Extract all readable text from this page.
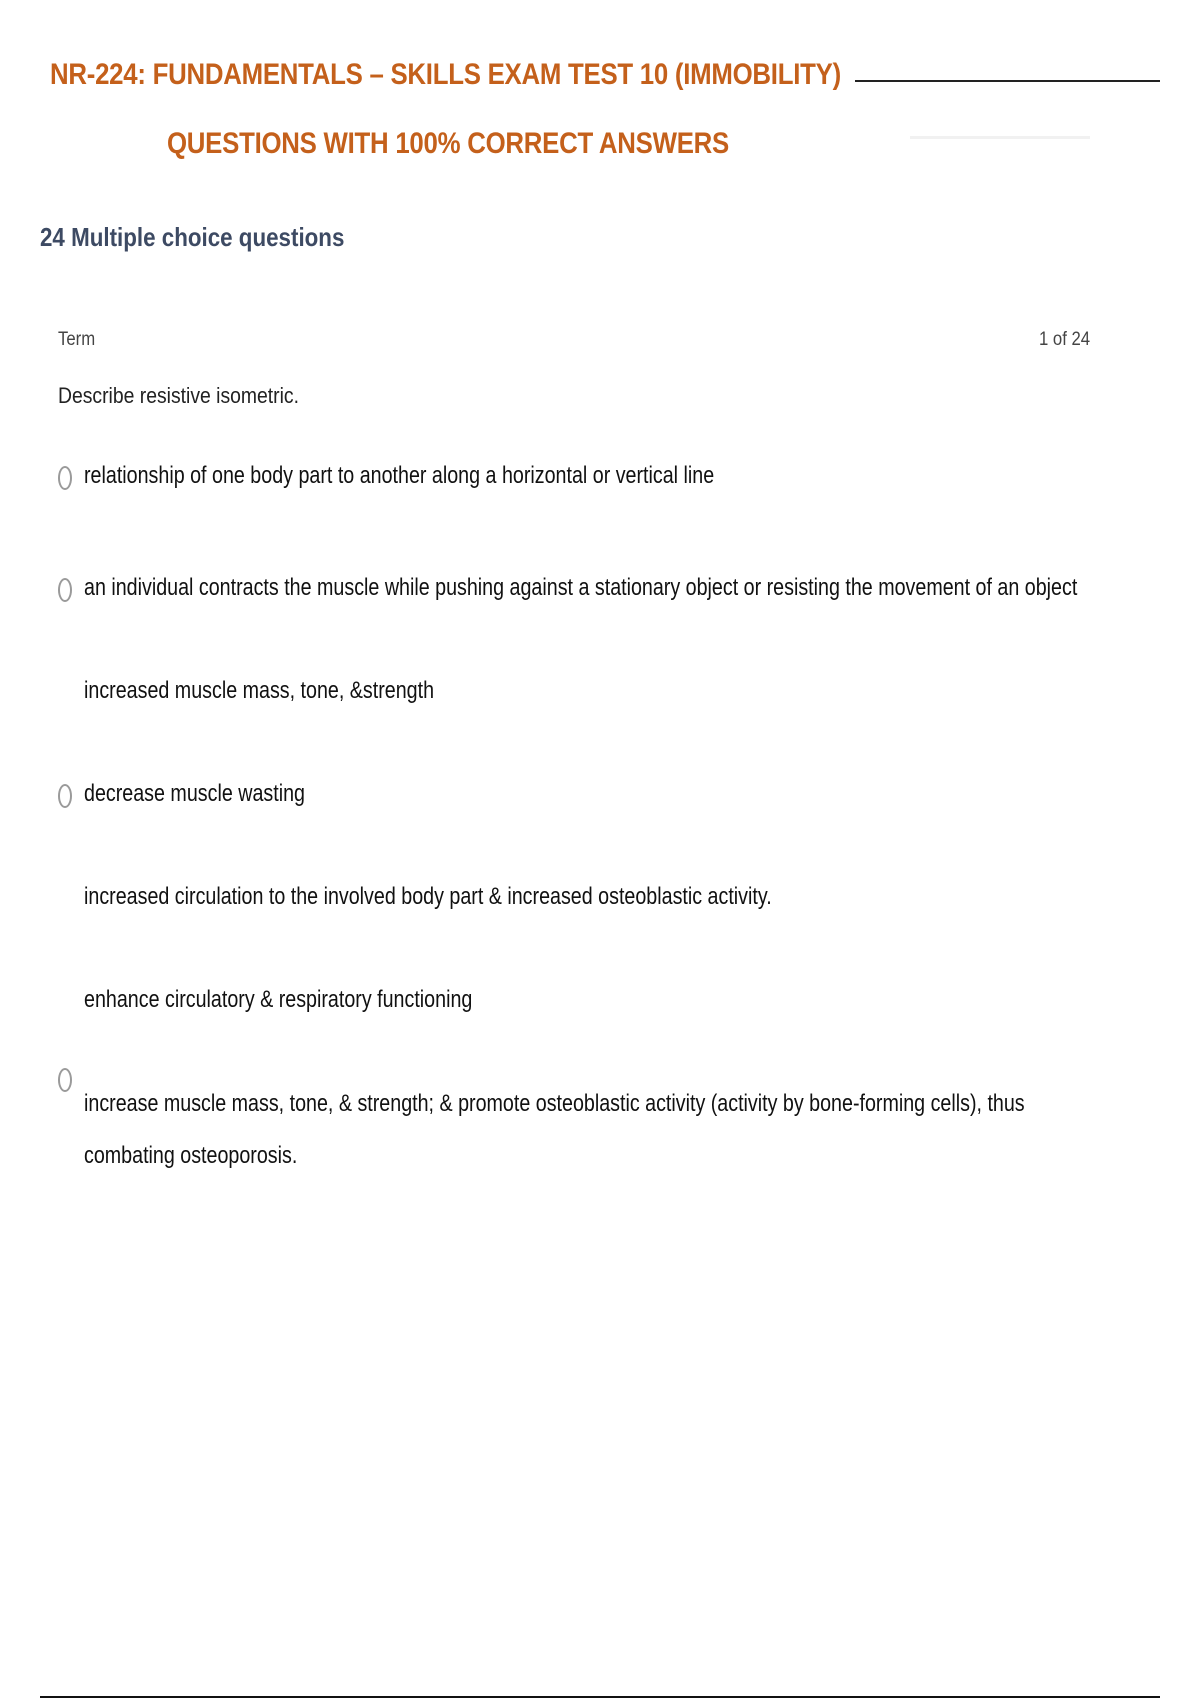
NR-224: FUNDAMENTALS – SKILLS EXAM TEST 10 (IMMOBILITY)
QUESTIONS WITH 100% CORRECT ANSWERS
24 Multiple choice questions
Term	1 of 24
Describe resistive isometric.
relationship of one body part to another along a horizontal or vertical line
an individual contracts the muscle while pushing against a stationary object or resisting the movement of an object
increased muscle mass, tone, &strength
decrease muscle wasting
increased circulation to the involved body part & increased osteoblastic activity.
enhance circulatory & respiratory functioning
increase muscle mass, tone, & strength; & promote osteoblastic activity (activity by bone-forming cells), thus combating osteoporosis.
